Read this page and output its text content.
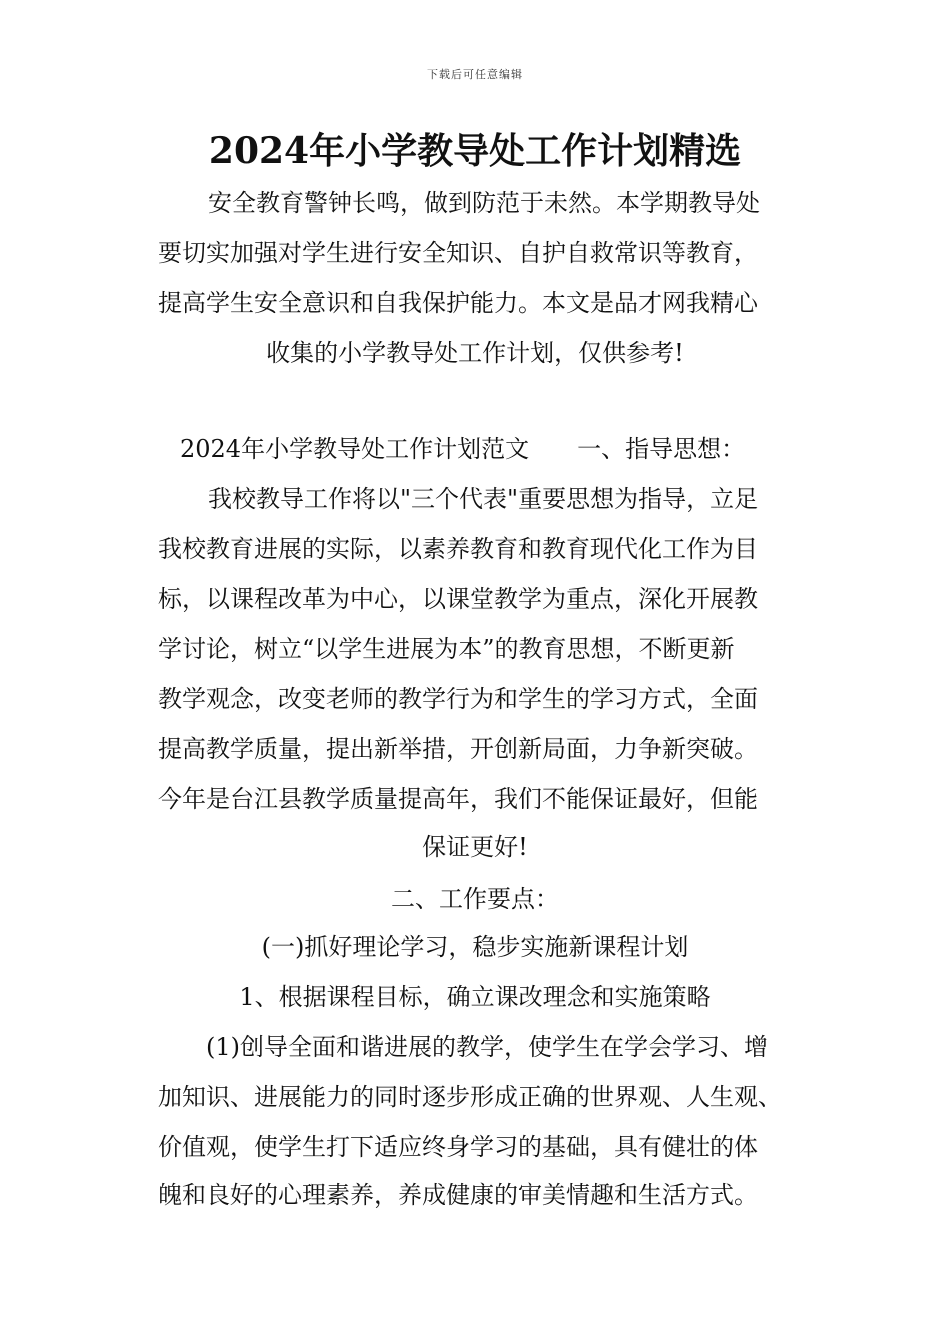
下载后可任意编辑
2024年小学教导处工作计划精选
安全教育警钟长鸣，做到防范于未然。本学期教导处
要切实加强对学生进行安全知识、自护自救常识等教育，
提高学生安全意识和自我保护能力。本文是品才网我精心
收集的小学教导处工作计划，仅供参考!
2024年小学教导处工作计划范文　　一、指导思想：
我校教导工作将以"三个代表"重要思想为指导，立足
我校教育进展的实际，以素养教育和教育现代化工作为目
标，以课程改革为中心，以课堂教学为重点，深化开展教
学讨论，树立“以学生进展为本”的教育思想，不断更新
教学观念，改变老师的教学行为和学生的学习方式，全面
提高教学质量，提出新举措，开创新局面，力争新突破。
今年是台江县教学质量提高年，我们不能保证最好，但能
保证更好!
二、工作要点：
(一)抓好理论学习，稳步实施新课程计划
1、根据课程目标，确立课改理念和实施策略
(1)创导全面和谐进展的教学，使学生在学会学习、增
加知识、进展能力的同时逐步形成正确的世界观、人生观、
价值观，使学生打下适应终身学习的基础，具有健壮的体
魄和良好的心理素养，养成健康的审美情趣和生活方式。
